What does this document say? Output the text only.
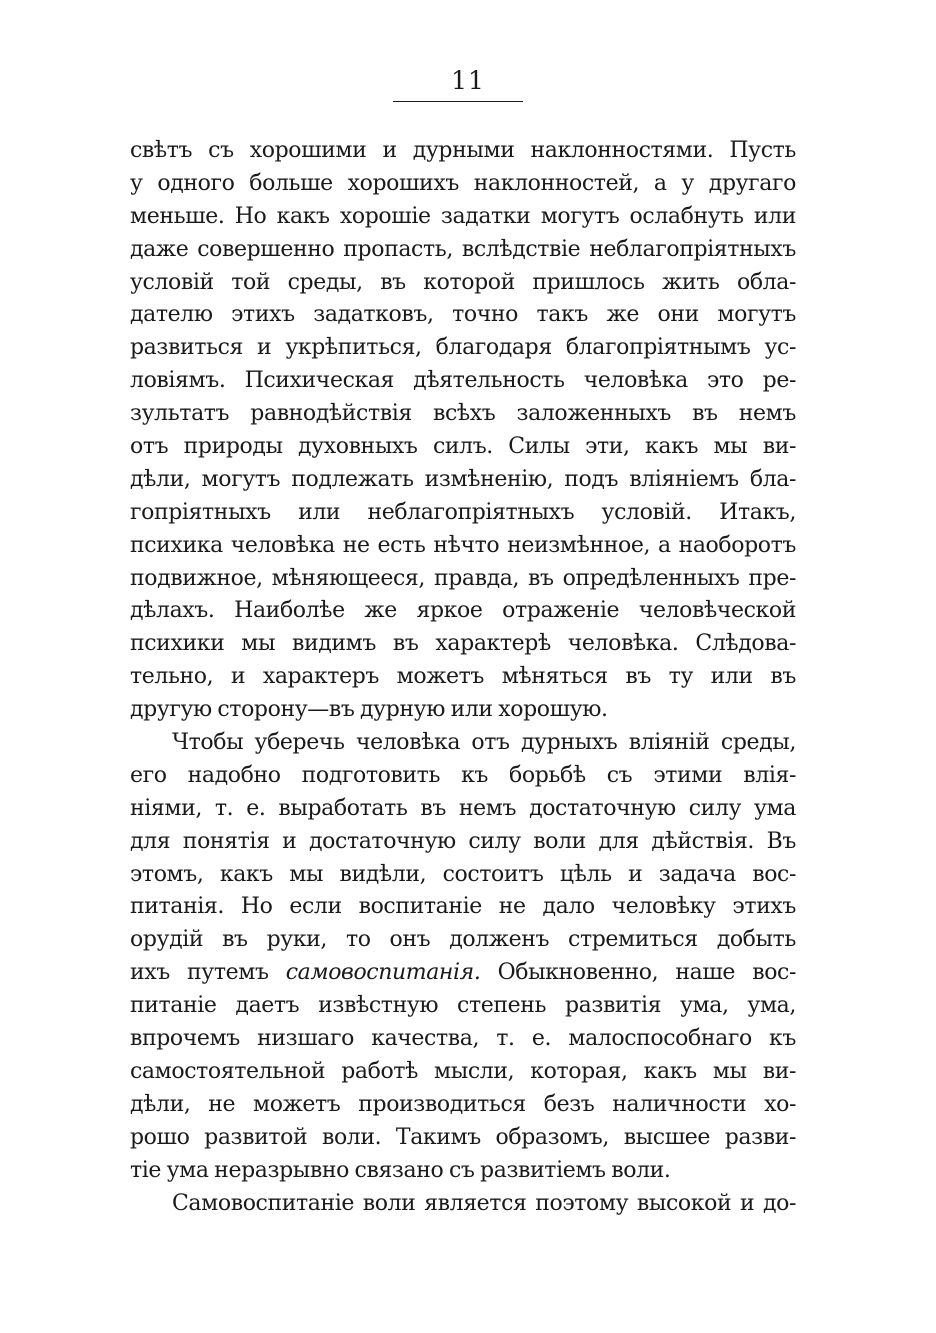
11
свѣтъ съ хорошими и дурными наклонностями. Пусть
у одного больше хорошихъ наклонностей, а у другаго
меньше. Но какъ хорошіе задатки могутъ ослабнуть или
даже совершенно пропасть, вслѣдствіе неблагопріятныхъ
условій той среды, въ которой пришлось жить обла-
дателю этихъ задатковъ, точно такъ же они могутъ
развиться и укрѣпиться, благодаря благопріятнымъ ус-
ловіямъ. Психическая дѣятельность человѣка это ре-
зультатъ равнодѣйствія всѣхъ заложенныхъ въ немъ
отъ природы духовныхъ силъ. Силы эти, какъ мы ви-
дѣли, могутъ подлежать измѣненію, подъ вліяніемъ бла-
гопріятныхъ или неблагопріятныхъ условій. Итакъ,
психика человѣка не есть нѣчто неизмѣнное, а наоборотъ
подвижное, мѣняющееся, правда, въ опредѣленныхъ пре-
дѣлахъ. Наиболѣе же яркое отраженіе человѣческой
психики мы видимъ въ характерѣ человѣка. Слѣдова-
тельно, и характеръ можетъ мѣняться въ ту или въ
другую сторону—въ дурную или хорошую.
Чтобы уберечь человѣка отъ дурныхъ вліяній среды,
его надобно подготовить къ борьбѣ съ этими влія-
ніями, т. е. выработать въ немъ достаточную силу ума
для понятія и достаточную силу воли для дѣйствія. Въ
этомъ, какъ мы видѣли, состоитъ цѣль и задача вос-
питанія. Но если воспитаніе не дало человѣку этихъ
орудій въ руки, то онъ долженъ стремиться добыть
ихъ путемъ самовоспитанія. Обыкновенно, наше вос-
питаніе даетъ извѣстную степень развитія ума, ума,
впрочемъ низшаго качества, т. е. малоспособнаго къ
самостоятельной работѣ мысли, которая, какъ мы ви-
дѣли, не можетъ производиться безъ наличности хо-
рошо развитой воли. Такимъ образомъ, высшее разви-
тіе ума неразрывно связано съ развитіемъ воли.
Самовоспитаніе воли является поэтому высокой и до-
